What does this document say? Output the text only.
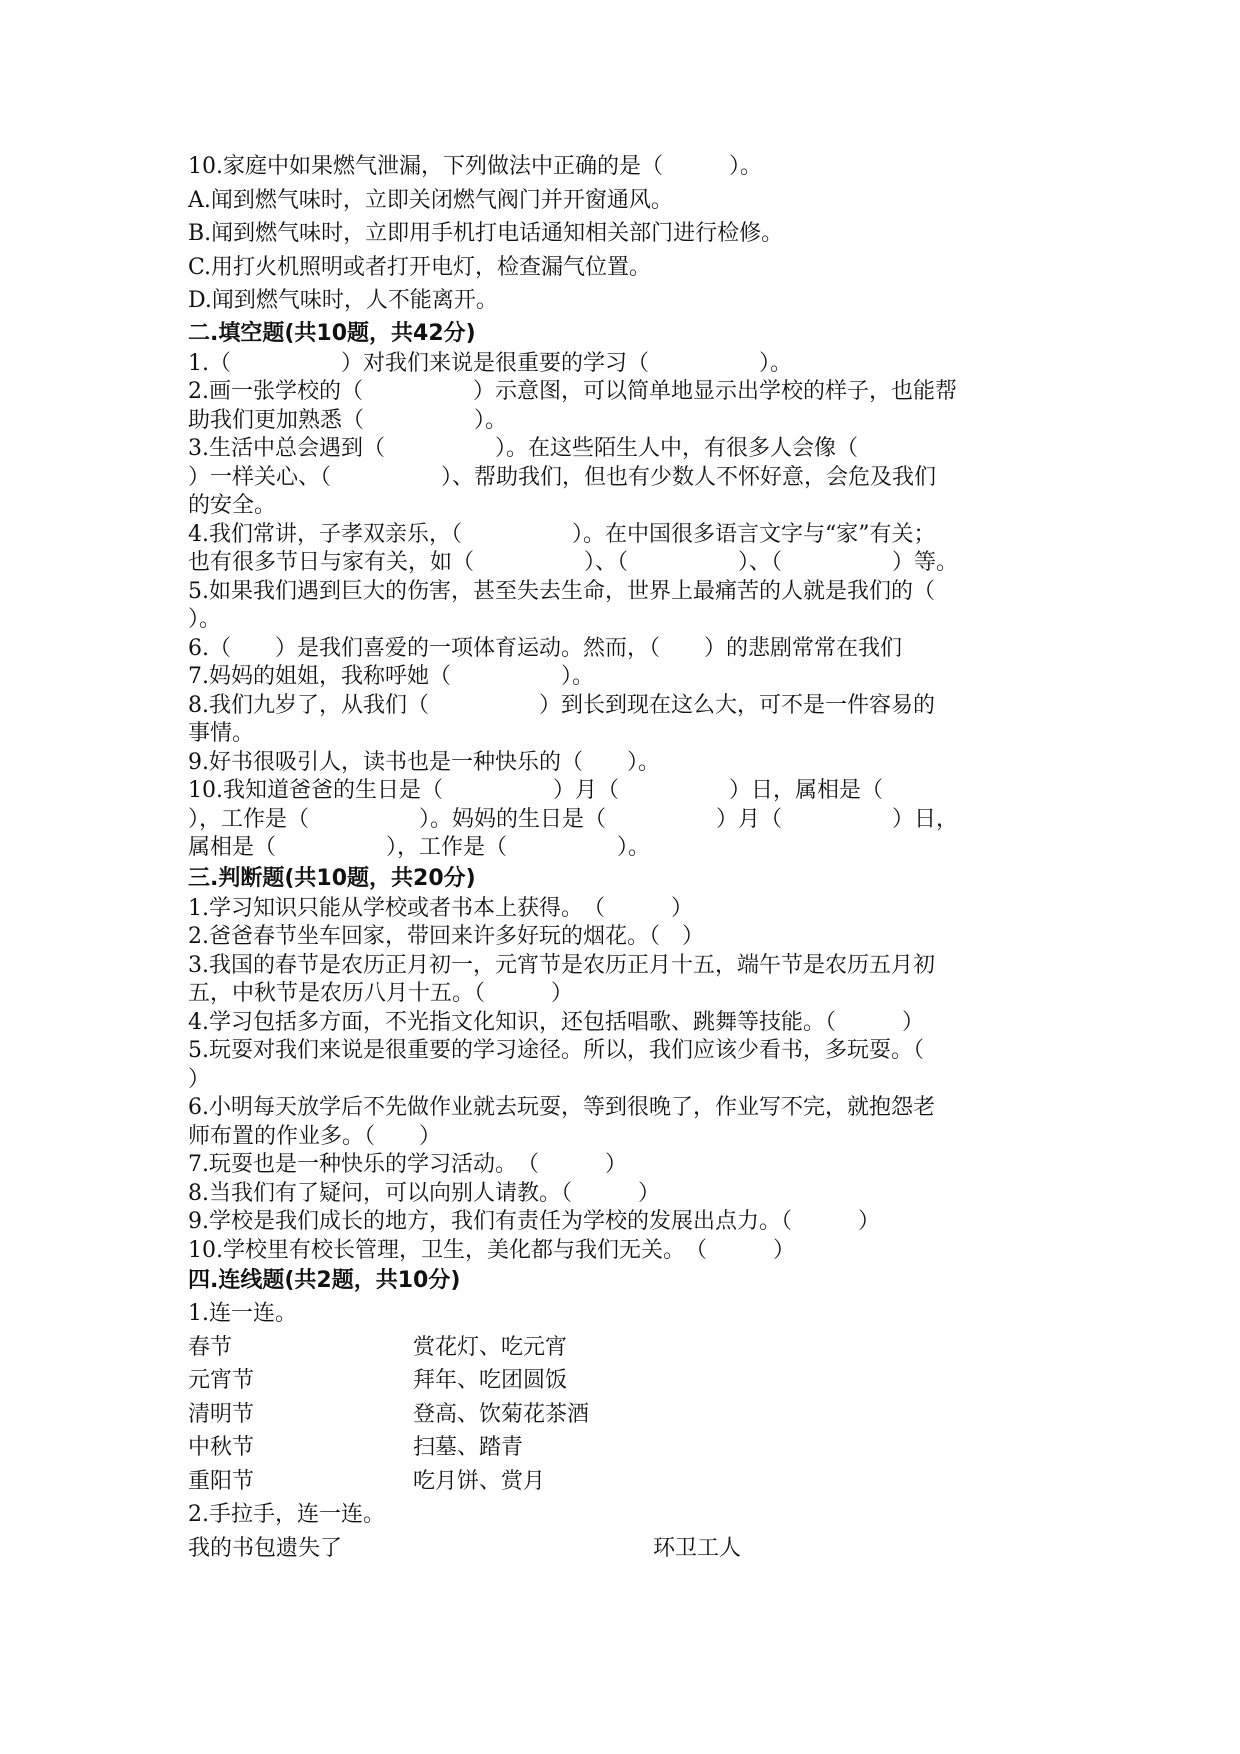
10.家庭中如果燃气泄漏，下列做法中正确的是（　　　）。

A.闻到燃气味时，立即关闭燃气阀门并开窗通风。

B.闻到燃气味时，立即用手机打电话通知相关部门进行检修。

C.用打火机照明或者打开电灯，检查漏气位置。

D.闻到燃气味时，人不能离开。

二.填空题(共10题，共42分)

1.（　　　　　）对我们来说是很重要的学习（　　　　　）。

2.画一张学校的（　　　　　）示意图，可以简单地显示出学校的样子，也能帮

助我们更加熟悉（　　　　　）。

3.生活中总会遇到（　　　　　）。在这些陌生人中，有很多人会像（

）一样关心、（　　　　　）、帮助我们，但也有少数人不怀好意，会危及我们

的安全。

4.我们常讲，子孝双亲乐，（　　　　　）。在中国很多语言文字与“家”有关；

也有很多节日与家有关，如（　　　　　）、（　　　　　）、（　　　　　）等。

5.如果我们遇到巨大的伤害，甚至失去生命，世界上最痛苦的人就是我们的（

）。

6.（　　）是我们喜爱的一项体育运动。然而，（　　）的悲剧常常在我们

7.妈妈的姐姐，我称呼她（　　　　　）。

8.我们九岁了，从我们（　　　　　）到长到现在这么大，可不是一件容易的

事情。

9.好书很吸引人，读书也是一种快乐的（　　）。

10.我知道爸爸的生日是（　　　　　）月（　　　　　）日，属相是（

），工作是（　　　　　）。妈妈的生日是（　　　　　）月（　　　　　）日，

属相是（　　　　　），工作是（　　　　　）。

三.判断题(共10题，共20分)

1.学习知识只能从学校或者书本上获得。　（　　　）

2.爸爸春节坐车回家，带回来许多好玩的烟花。（　）

3.我国的春节是农历正月初一，元宵节是农历正月十五，端午节是农历五月初

五，中秋节是农历八月十五。（　　　）

4.学习包括多方面，不光指文化知识，还包括唱歌、跳舞等技能。（　　　）

5.玩耍对我们来说是很重要的学习途径。所以，我们应该少看书，多玩耍。（

）

6.小明每天放学后不先做作业就去玩耍，等到很晚了，作业写不完，就抱怨老

师布置的作业多。（　　）

7.玩耍也是一种快乐的学习活动。　（　　　）

8.当我们有了疑问，可以向别人请教。（　　　）

9.学校是我们成长的地方，我们有责任为学校的发展出点力。（　　　）

10.学校里有校长管理，卫生，美化都与我们无关。　（　　　）

四.连线题(共2题，共10分)

1.连一连。

春节	赏花灯、吃元宵
元宵节	拜年、吃团圆饭
清明节	登高、饮菊花茶酒
中秋节	扫墓、踏青
重阳节	吃月饼、赏月

2.手拉手，连一连。

我的书包遗失了	环卫工人
